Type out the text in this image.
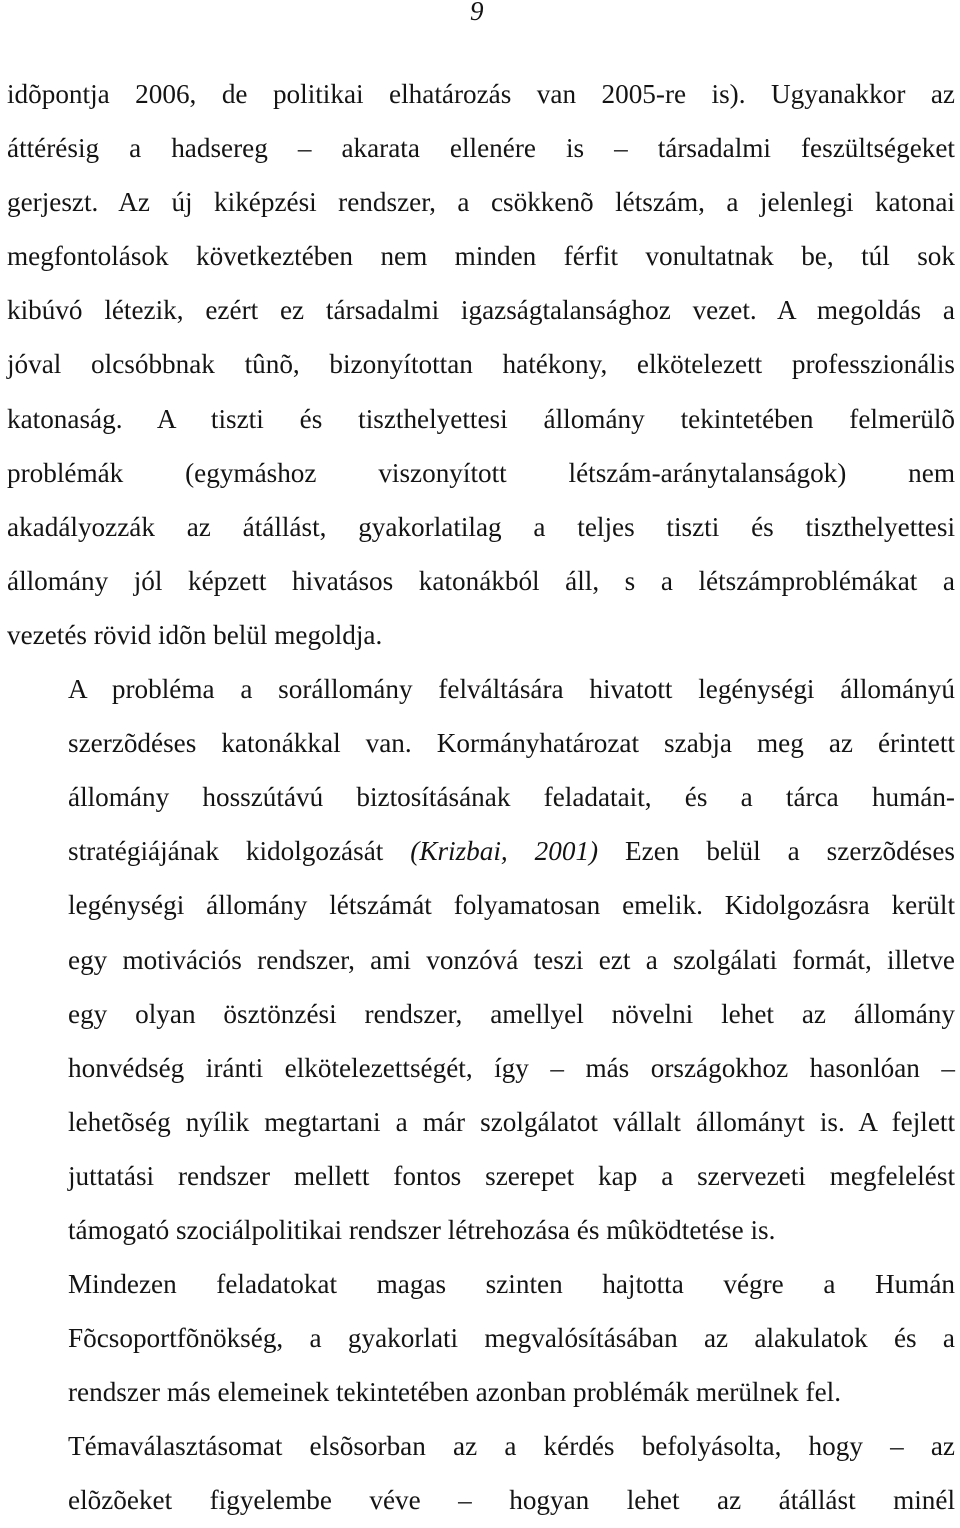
9

idõpontja 2006, de politikai elhatározás van 2005-re is). Ugyanakkor az
áttérésig a hadsereg – akarata ellenére is – társadalmi feszültségeket
gerjeszt. Az új kiképzési rendszer, a csökkenõ létszám, a jelenlegi katonai
megfontolások következtében nem minden férfit vonultatnak be, túl sok
kibúvó létezik, ezért ez társadalmi igazságtalansághoz vezet. A megoldás a
jóval olcsóbbnak tûnõ, bizonyítottan hatékony, elkötelezett professzionális
katonaság. A tiszti és tiszthelyettesi állomány tekintetében felmerülõ
problémák (egymáshoz viszonyított létszám-aránytalanságok) nem
akadályozzák az átállást, gyakorlatilag a teljes tiszti és tiszthelyettesi
állomány jól képzett hivatásos katonákból áll, s a létszámproblémákat a
vezetés rövid idõn belül megoldja.

A probléma a sorállomány felváltására hivatott legénységi állományú
szerzõdéses katonákkal van. Kormányhatározat szabja meg az érintett
állomány hosszútávú biztosításának feladatait, és a tárca humán-
stratégiájának kidolgozását (Krizbai, 2001) Ezen belül a szerzõdéses
legénységi állomány létszámát folyamatosan emelik. Kidolgozásra került
egy motivációs rendszer, ami vonzóvá teszi ezt a szolgálati formát, illetve
egy olyan ösztönzési rendszer, amellyel növelni lehet az állomány
honvédség iránti elkötelezettségét, így – más országokhoz hasonlóan –
lehetõség nyílik megtartani a már szolgálatot vállalt állományt is. A fejlett
juttatási rendszer mellett fontos szerepet kap a szervezeti megfelelést
támogató szociálpolitikai rendszer létrehozása és mûködtetése is.

Mindezen feladatokat magas szinten hajtotta végre a Humán
Fõcsoportfõnökség, a gyakorlati megvalósításában az alakulatok és a
rendszer más elemeinek tekintetében azonban problémák merülnek fel.

Témaválasztásomat elsõsorban az a kérdés befolyásolta, hogy – az
elõzõeket figyelembe véve – hogyan lehet az átállást minél
